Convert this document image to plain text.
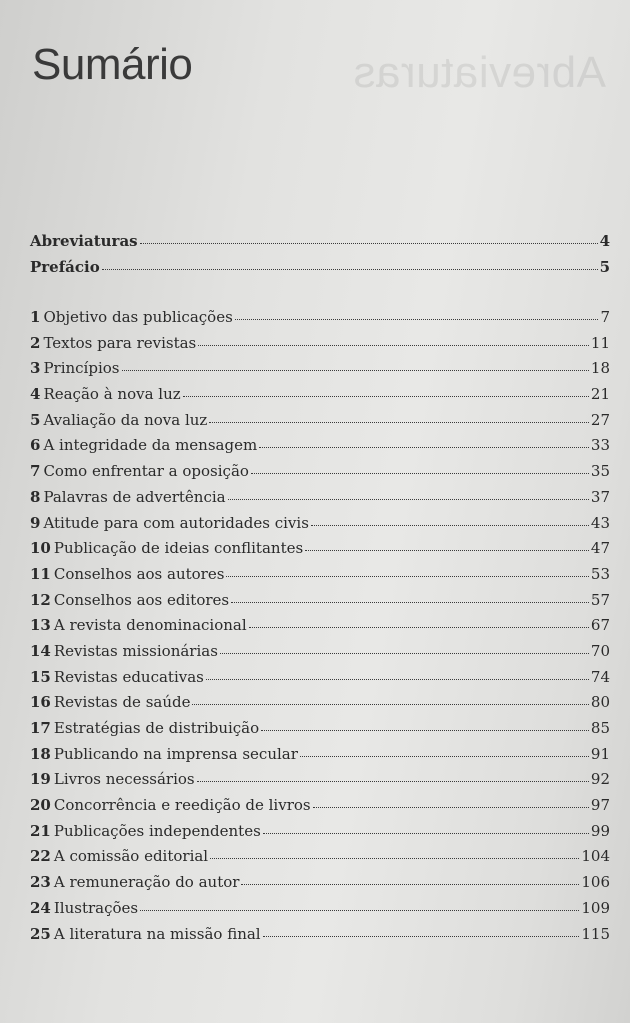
Abreviaturas
Sumário
Abreviaturas	4
Prefácio	5
1 Objetivo das publicações	7
2 Textos para revistas	11
3 Princípios	18
4 Reação à nova luz	21
5 Avaliação da nova luz	27
6 A integridade da mensagem	33
7 Como enfrentar a oposição	35
8 Palavras de advertência	37
9 Atitude para com autoridades civis	43
10 Publicação de ideias conflitantes	47
11 Conselhos aos autores	53
12 Conselhos aos editores	57
13 A revista denominacional	67
14 Revistas missionárias	70
15 Revistas educativas	74
16 Revistas de saúde	80
17 Estratégias de distribuição	85
18 Publicando na imprensa secular	91
19 Livros necessários	92
20 Concorrência e reedição de livros	97
21 Publicações independentes	99
22 A comissão editorial	104
23 A remuneração do autor	106
24 Ilustrações	109
25 A literatura na missão final	115
